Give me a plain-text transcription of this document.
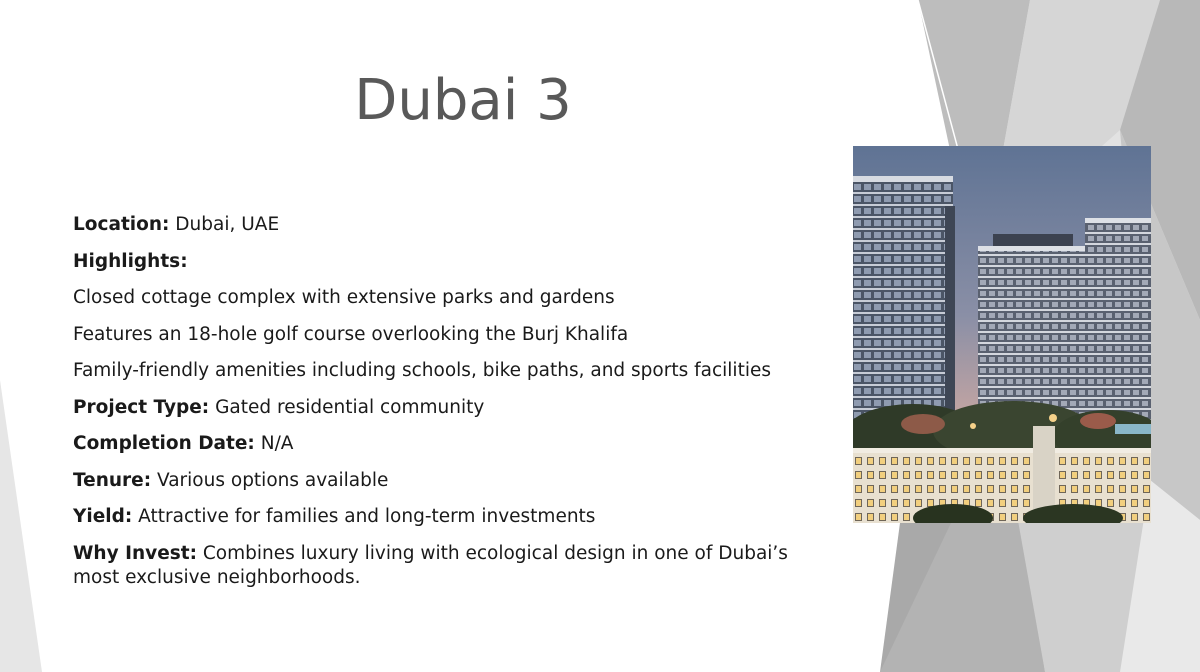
Dubai 3

Location: Dubai, UAE

Highlights:

Closed cottage complex with extensive parks and gardens

Features an 18-hole golf course overlooking the Burj Khalifa

Family-friendly amenities including schools, bike paths, and sports facilities

Project Type: Gated residential community

Completion Date: N/A

Tenure: Various options available

Yield: Attractive for families and long-term investments

Why Invest: Combines luxury living with ecological design in one of Dubai’s most exclusive neighborhoods.
